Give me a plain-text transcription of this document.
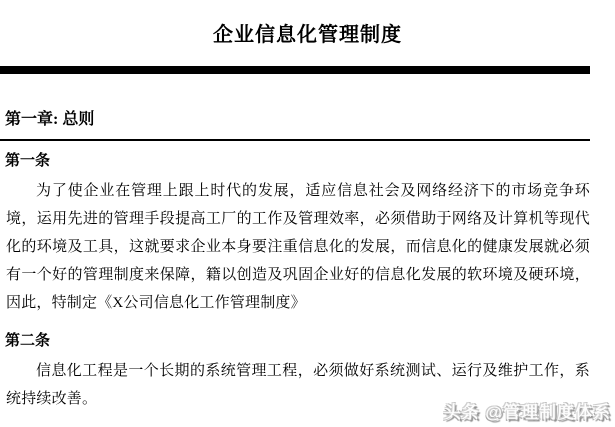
企业信息化管理制度
第一章: 总则
第一条
为了使企业在管理上跟上时代的发展，适应信息社会及网络经济下的市场竞争环境，运用先进的管理手段提高工厂的工作及管理效率，必须借助于网络及计算机等现代化的环境及工具，这就要求企业本身要注重信息化的发展，而信息化的健康发展就必须有一个好的管理制度来保障，籍以创造及巩固企业好的信息化发展的软环境及硬环境，因此，特制定《X公司信息化工作管理制度》
第二条
信息化工程是一个长期的系统管理工程，必须做好系统测试、运行及维护工作，系统持续改善。
头条 @管理制度体系
